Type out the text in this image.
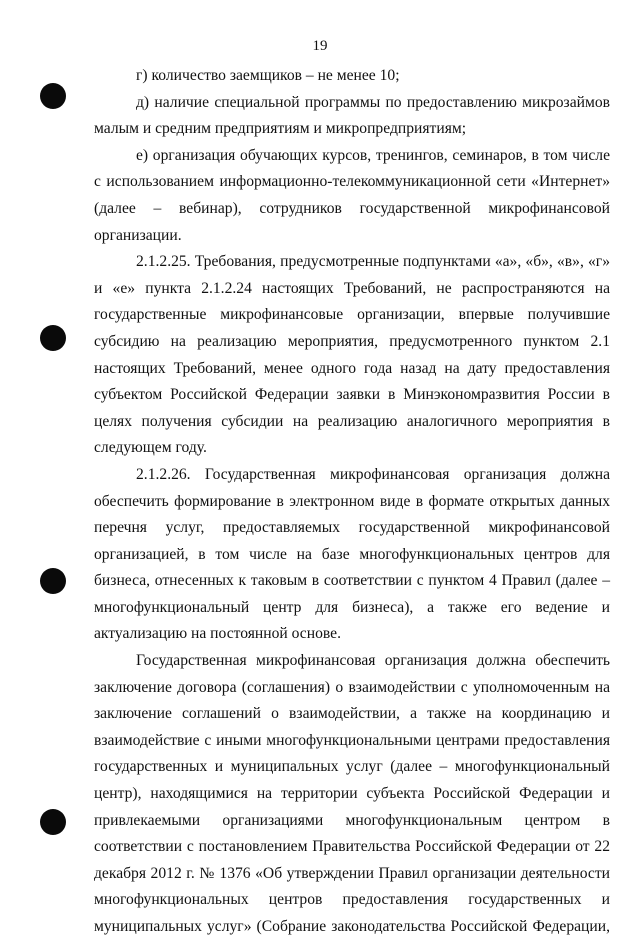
19

г) количество заемщиков – не менее 10;

д) наличие специальной программы по предоставлению микрозаймов малым и средним предприятиям и микропредприятиям;

е) организация обучающих курсов, тренингов, семинаров, в том числе с использованием информационно-телекоммуникационной сети «Интернет» (далее – вебинар), сотрудников государственной микрофинансовой организации.

2.1.2.25. Требования, предусмотренные подпунктами «а», «б», «в», «г» и «е» пункта 2.1.2.24 настоящих Требований, не распространяются на государственные микрофинансовые организации, впервые получившие субсидию на реализацию мероприятия, предусмотренного пунктом 2.1 настоящих Требований, менее одного года назад на дату предоставления субъектом Российской Федерации заявки в Минэкономразвития России в целях получения субсидии на реализацию аналогичного мероприятия в следующем году.

2.1.2.26. Государственная микрофинансовая организация должна обеспечить формирование в электронном виде в формате открытых данных перечня услуг, предоставляемых государственной микрофинансовой организацией, в том числе на базе многофункциональных центров для бизнеса, отнесенных к таковым в соответствии с пунктом 4 Правил (далее – многофункциональный центр для бизнеса), а также его ведение и актуализацию на постоянной основе.

Государственная микрофинансовая организация должна обеспечить заключение договора (соглашения) о взаимодействии с уполномоченным на заключение соглашений о взаимодействии, а также на координацию и взаимодействие с иными многофункциональными центрами предоставления государственных и муниципальных услуг (далее – многофункциональный центр), находящимися на территории субъекта Российской Федерации и привлекаемыми организациями многофункциональным центром в соответствии с постановлением Правительства Российской Федерации от 22 декабря 2012 г. № 1376 «Об утверждении Правил организации деятельности многофункциональных центров предоставления государственных и муниципальных услуг» (Собрание законодательства Российской Федерации,
